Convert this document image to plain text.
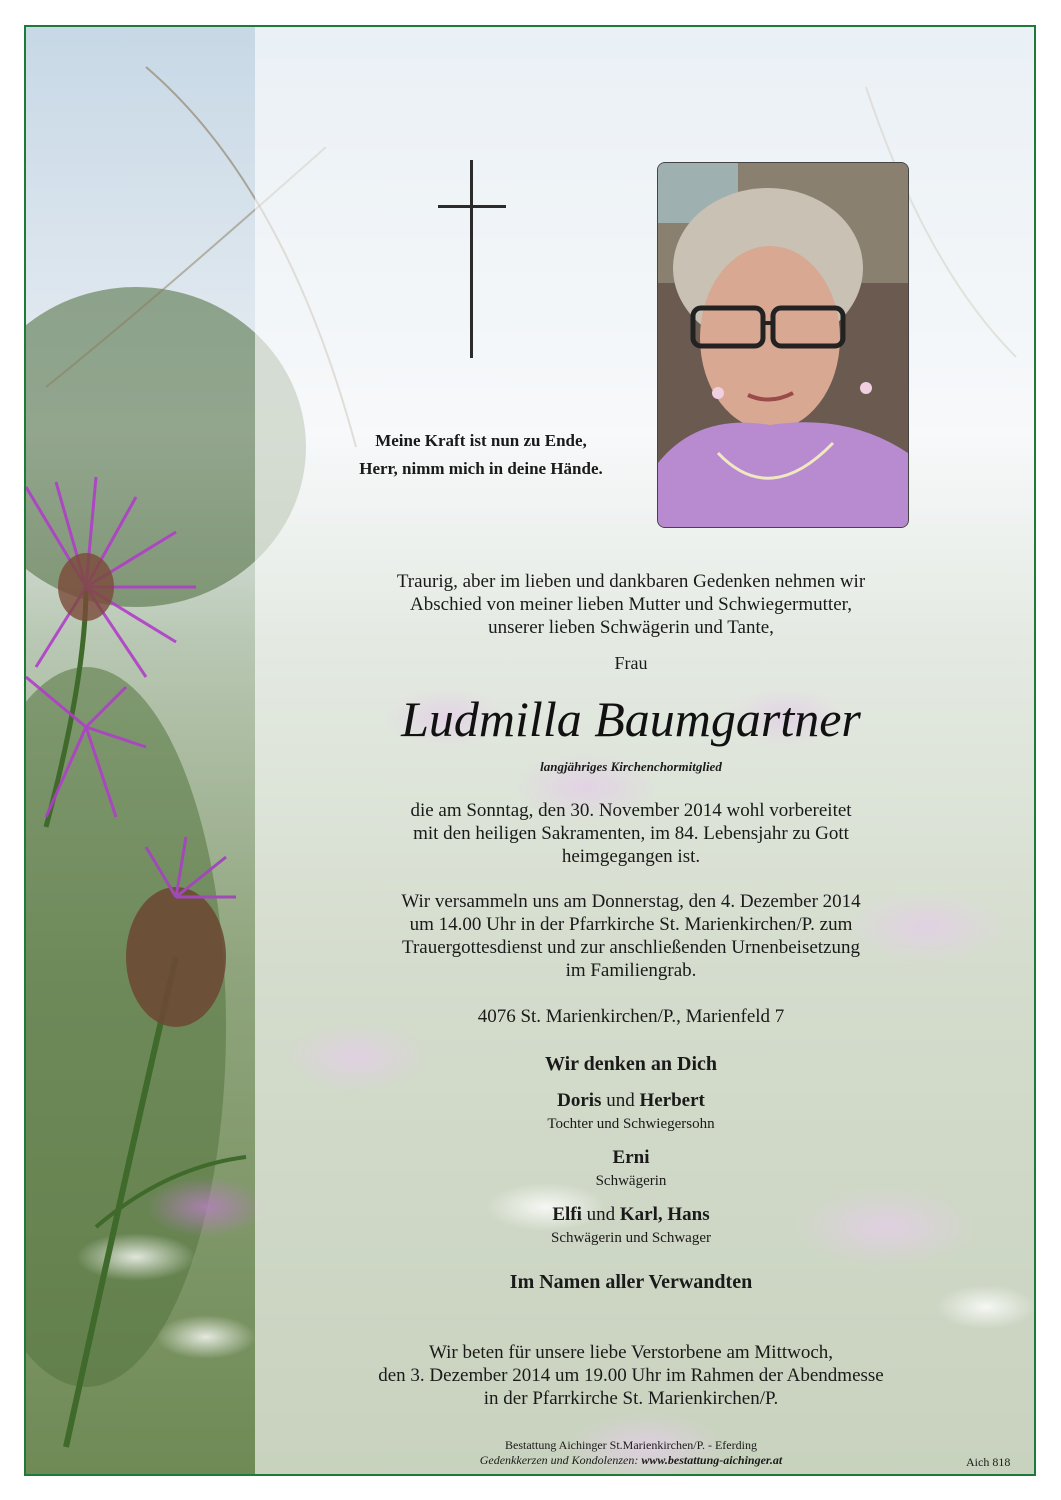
Meine Kraft ist nun zu Ende,
Herr, nimm mich in deine Hände.
Traurig, aber im lieben und dankbaren Gedenken nehmen wir
Abschied von meiner lieben Mutter und Schwiegermutter,
unserer lieben Schwägerin und Tante,
Frau
Ludmilla Baumgartner
langjähriges Kirchenchormitglied
die am Sonntag, den 30. November 2014 wohl vorbereitet
mit den heiligen Sakramenten, im 84. Lebensjahr zu Gott
heimgegangen ist.
Wir versammeln uns am Donnerstag, den 4. Dezember 2014
um 14.00 Uhr in der Pfarrkirche St. Marienkirchen/P. zum
Trauergottesdienst und zur anschließenden Urnenbeisetzung
im Familiengrab.
4076 St. Marienkirchen/P., Marienfeld 7
Wir denken an Dich
Doris und Herbert
Tochter und Schwiegersohn
Erni
Schwägerin
Elfi und Karl, Hans
Schwägerin und Schwager
Im Namen aller Verwandten
Wir beten für unsere liebe Verstorbene am Mittwoch,
den 3. Dezember 2014 um 19.00 Uhr im Rahmen der Abendmesse
in der Pfarrkirche St. Marienkirchen/P.
Bestattung Aichinger St.Marienkirchen/P. - Eferding
Gedenkkerzen und Kondolenzen: www.bestattung-aichinger.at	Aich 818
